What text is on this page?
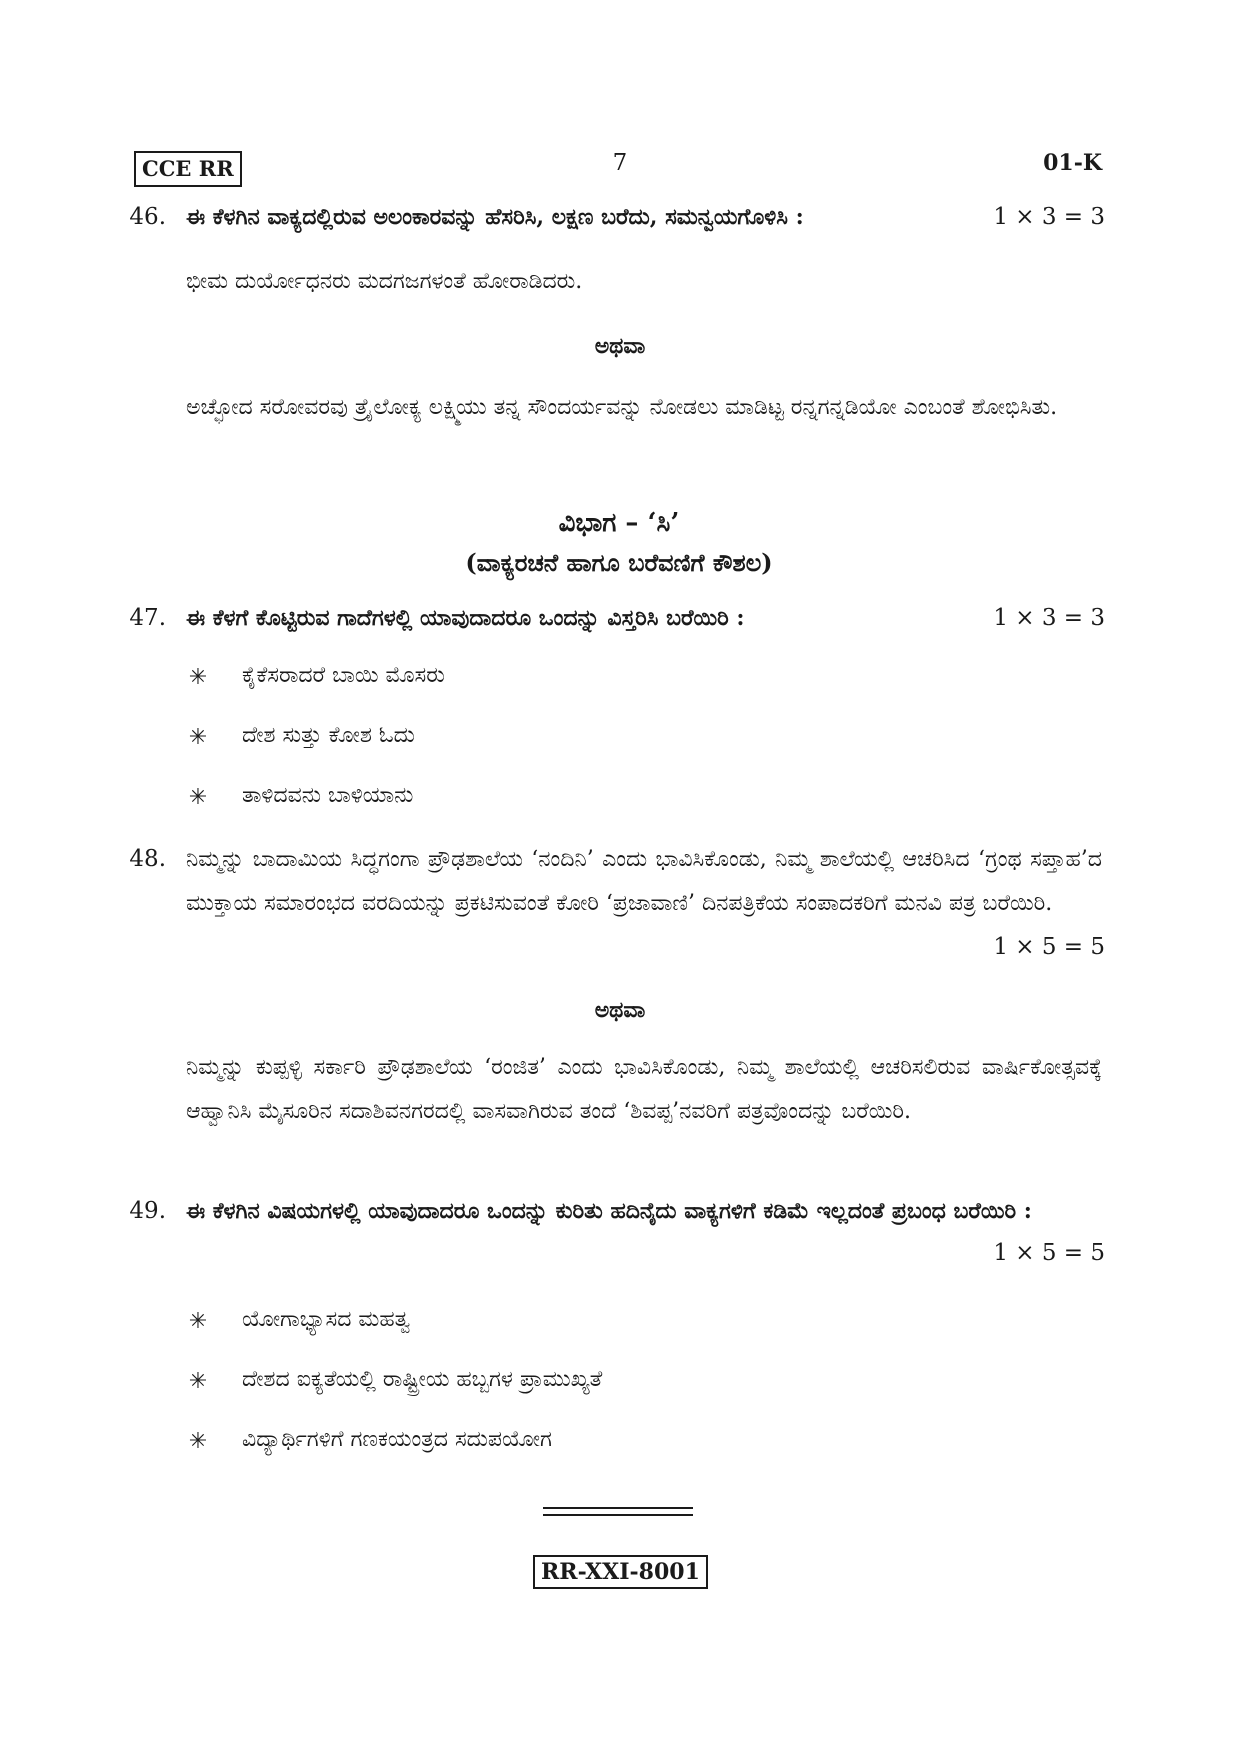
CCE RR	7	01-K
46. ಈ ಕೆಳಗಿನ ವಾಕ್ಯದಲ್ಲಿರುವ ಅಲಂಕಾರವನ್ನು ಹೆಸರಿಸಿ, ಲಕ್ಷಣ ಬರೆದು, ಸಮನ್ವಯಗೊಳಿಸಿ :	1 × 3 = 3
ಭೀಮ ದುರ್ಯೋಧನರು ಮದಗಜಗಳಂತೆ ಹೋರಾಡಿದರು.
ಅಥವಾ
ಅಚ್ಛೋದ ಸರೋವರವು ತ್ರೈಲೋಕ್ಯ ಲಕ್ಷ್ಮಿಯು ತನ್ನ ಸೌಂದರ್ಯವನ್ನು ನೋಡಲು ಮಾಡಿಟ್ಟ ರನ್ನಗನ್ನಡಿಯೋ ಎಂಬಂತೆ ಶೋಭಿಸಿತು.
ವಿಭಾಗ – ‘ಸಿ’
(ವಾಕ್ಯರಚನೆ ಹಾಗೂ ಬರೆವಣಿಗೆ ಕೌಶಲ)
47. ಈ ಕೆಳಗೆ ಕೊಟ್ಟಿರುವ ಗಾದೆಗಳಲ್ಲಿ ಯಾವುದಾದರೂ ಒಂದನ್ನು ವಿಸ್ತರಿಸಿ ಬರೆಯಿರಿ :	1 × 3 = 3
✳ ಕೈಕೆಸರಾದರೆ ಬಾಯಿ ಮೊಸರು
✳ ದೇಶ ಸುತ್ತು ಕೋಶ ಓದು
✳ ತಾಳಿದವನು ಬಾಳಿಯಾನು
48. ನಿಮ್ಮನ್ನು ಬಾದಾಮಿಯ ಸಿದ್ಧಗಂಗಾ ಪ್ರೌಢಶಾಲೆಯ ‘ನಂದಿನಿ’ ಎಂದು ಭಾವಿಸಿಕೊಂಡು, ನಿಮ್ಮ ಶಾಲೆಯಲ್ಲಿ ಆಚರಿಸಿದ ‘ಗ್ರಂಥ ಸಪ್ತಾಹ’ದ ಮುಕ್ತಾಯ ಸಮಾರಂಭದ ವರದಿಯನ್ನು ಪ್ರಕಟಿಸುವಂತೆ ಕೋರಿ ‘ಪ್ರಜಾವಾಣಿ’ ದಿನಪತ್ರಿಕೆಯ ಸಂಪಾದಕರಿಗೆ ಮನವಿ ಪತ್ರ ಬರೆಯಿರಿ.
1 × 5 = 5
ಅಥವಾ
ನಿಮ್ಮನ್ನು ಕುಪ್ಪಳ್ಳಿ ಸರ್ಕಾರಿ ಪ್ರೌಢಶಾಲೆಯ ‘ರಂಜಿತ’ ಎಂದು ಭಾವಿಸಿಕೊಂಡು, ನಿಮ್ಮ ಶಾಲೆಯಲ್ಲಿ ಆಚರಿಸಲಿರುವ ವಾರ್ಷಿಕೋತ್ಸವಕ್ಕೆ ಆಹ್ವಾನಿಸಿ ಮೈಸೂರಿನ ಸದಾಶಿವನಗರದಲ್ಲಿ ವಾಸವಾಗಿರುವ ತಂದೆ ‘ಶಿವಪ್ಪ’ನವರಿಗೆ ಪತ್ರವೊಂದನ್ನು ಬರೆಯಿರಿ.
49. ಈ ಕೆಳಗಿನ ವಿಷಯಗಳಲ್ಲಿ ಯಾವುದಾದರೂ ಒಂದನ್ನು ಕುರಿತು ಹದಿನೈದು ವಾಕ್ಯಗಳಿಗೆ ಕಡಿಮೆ ಇಲ್ಲದಂತೆ ಪ್ರಬಂಧ ಬರೆಯಿರಿ :
1 × 5 = 5
✳ ಯೋಗಾಭ್ಯಾಸದ ಮಹತ್ವ
✳ ದೇಶದ ಐಕ್ಯತೆಯಲ್ಲಿ ರಾಷ್ಟ್ರೀಯ ಹಬ್ಬಗಳ ಪ್ರಾಮುಖ್ಯತೆ
✳ ವಿದ್ಯಾರ್ಥಿಗಳಿಗೆ ಗಣಕಯಂತ್ರದ ಸದುಪಯೋಗ
RR-XXI-8001
